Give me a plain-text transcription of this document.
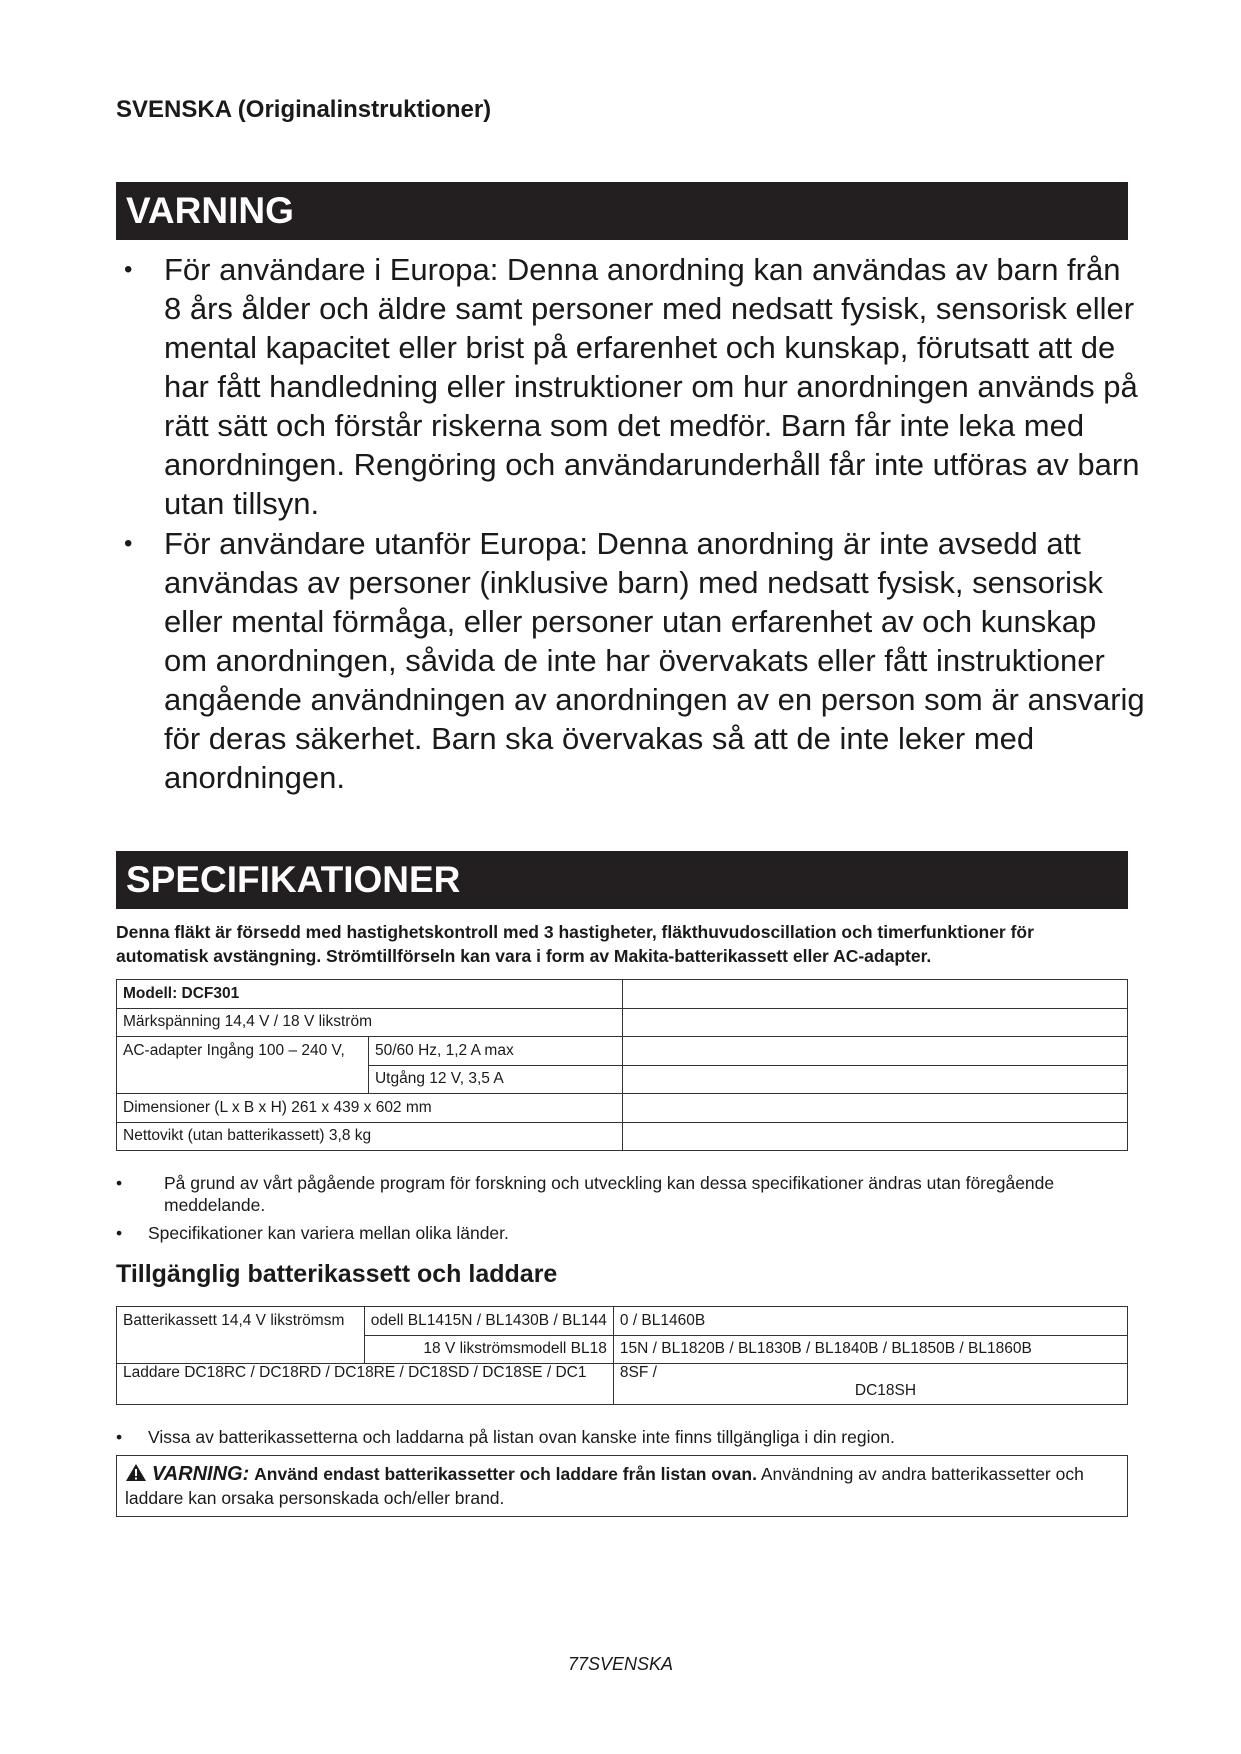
SVENSKA (Originalinstruktioner)
VARNING
• För användare i Europa: Denna anordning kan användas av barn från 8 års ålder och äldre samt personer med nedsatt fysisk, sensorisk eller mental kapacitet eller brist på erfarenhet och kunskap, förutsatt att de har fått handledning eller instruktioner om hur anordningen används på rätt sätt och förstår riskerna som det medför. Barn får inte leka med anordningen. Rengöring och användarunderhåll får inte utföras av barn utan tillsyn.
• För användare utanför Europa: Denna anordning är inte avsedd att användas av personer (inklusive barn) med nedsatt fysisk, sensorisk eller mental förmåga, eller personer utan erfarenhet av och kunskap om anordningen, såvida de inte har övervakats eller fått instruktioner angående användningen av anordningen av en person som är ansvarig för deras säkerhet. Barn ska övervakas så att de inte leker med anordningen.
SPECIFIKATIONER
Denna fläkt är försedd med hastighetskontroll med 3 hastigheter, fläkthuvudoscillation och timerfunktioner för automatisk avstängning. Strömtillförseln kan vara i form av Makita-batterikassett eller AC-adapter.
Modell: DCF301		
Märkspänning 14,4 V / 18 V likström		
AC-adapter Ingång 100 – 240 V,	50/60 Hz, 1,2 A max	
	Utgång 12 V, 3,5 A	
Dimensioner (L x B x H) 261 x 439 x 602 mm		
Nettovikt (utan batterikassett) 3,8 kg		
• På grund av vårt pågående program för forskning och utveckling kan dessa specifikationer ändras utan föregående meddelande.
• Specifikationer kan variera mellan olika länder.
Tillgänglig batterikassett och laddare
Batterikassett 14,4 V likströmsm	odell BL1415N / BL1430B / BL144	0 / BL1460B
	18 V likströmsmodell BL18	15N / BL1820B / BL1830B / BL1840B / BL1850B / BL1860B
Laddare DC18RC / DC18RD / DC18RE / DC18SD / DC18SE / DC1		8SF /
DC18SH
• Vissa av batterikassetterna och laddarna på listan ovan kanske inte finns tillgängliga i din region.
VARNING: Använd endast batterikassetter och laddare från listan ovan. Användning av andra batterikassetter och laddare kan orsaka personskada och/eller brand.
77SVENSKA
